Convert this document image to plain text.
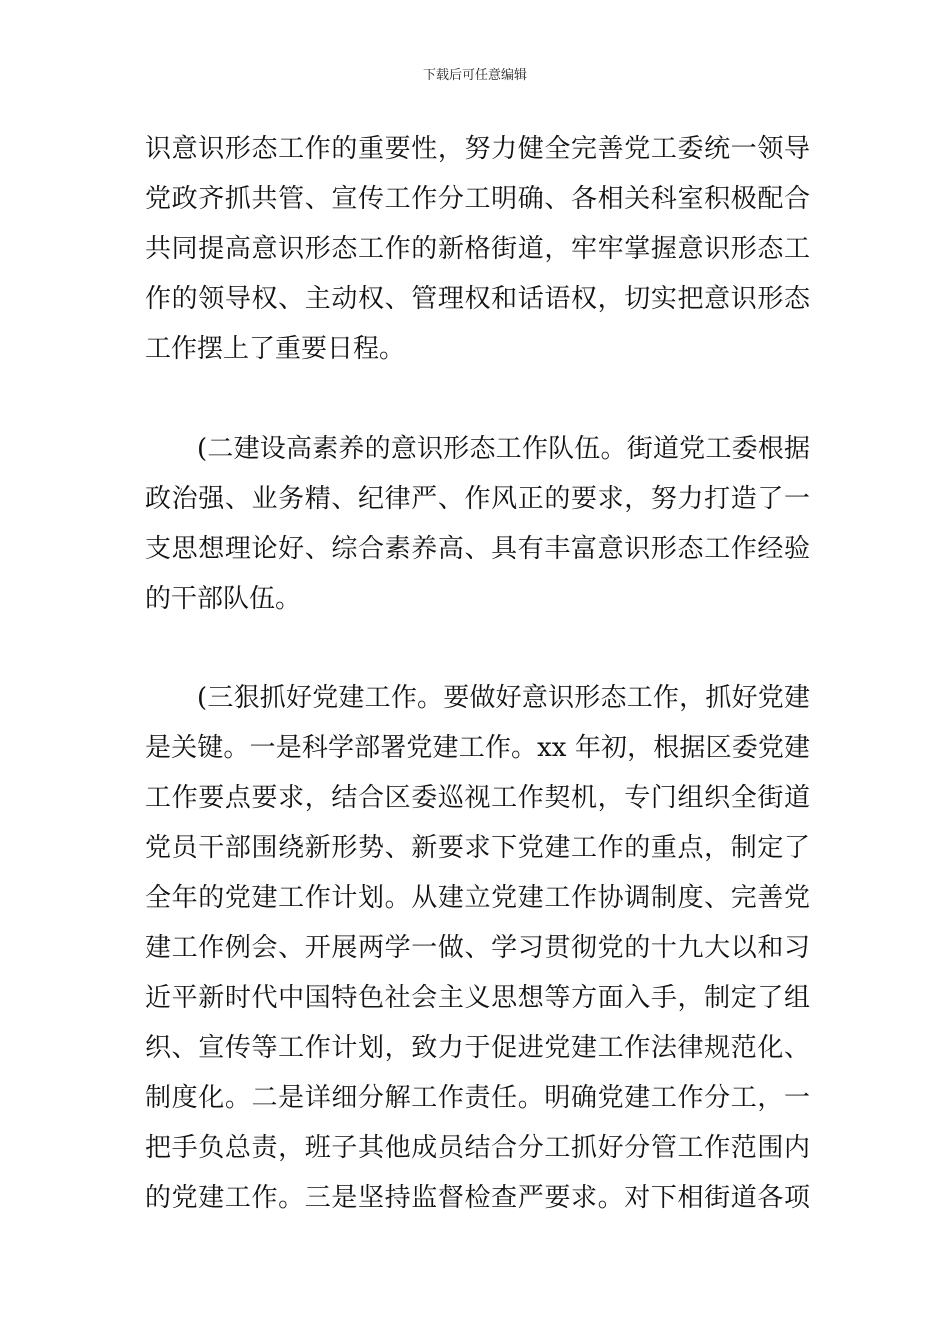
下载后可任意编辑
识意识形态工作的重要性，努力健全完善党工委统一领导
党政齐抓共管、宣传工作分工明确、各相关科室积极配合
共同提高意识形态工作的新格街道，牢牢掌握意识形态工
作的领导权、主动权、管理权和话语权，切实把意识形态
工作摆上了重要日程。
(二建设高素养的意识形态工作队伍。街道党工委根据
政治强、业务精、纪律严、作风正的要求，努力打造了一
支思想理论好、综合素养高、具有丰富意识形态工作经验
的干部队伍。
(三狠抓好党建工作。要做好意识形态工作，抓好党建
是关键。一是科学部署党建工作。xx 年初，根据区委党建
工作要点要求，结合区委巡视工作契机，专门组织全街道
党员干部围绕新形势、新要求下党建工作的重点，制定了
全年的党建工作计划。从建立党建工作协调制度、完善党
建工作例会、开展两学一做、学习贯彻党的十九大以和习
近平新时代中国特色社会主义思想等方面入手，制定了组
织、宣传等工作计划，致力于促进党建工作法律规范化、
制度化。二是详细分解工作责任。明确党建工作分工，一
把手负总责，班子其他成员结合分工抓好分管工作范围内
的党建工作。三是坚持监督检查严要求。对下相街道各项
